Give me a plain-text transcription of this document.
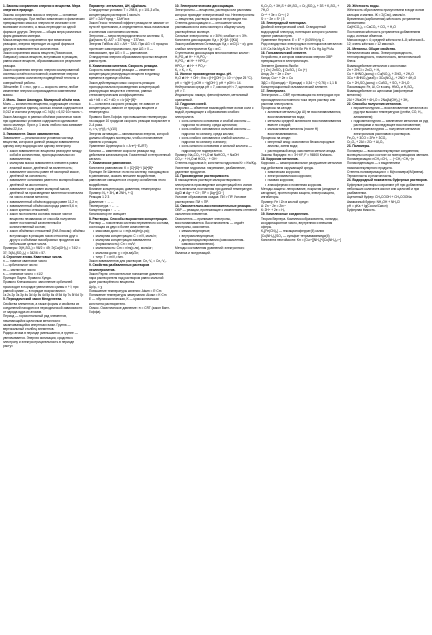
1. Законы сохранения энергии и вещества. Мера энергии в природе.

Законы сохранения массы и энергии — основные законы природы. При любых химических и физических превращениях масса и энергия не исчезают и не возникают из ничего, а лишь переходят из одной формы в другую. Энергия — общая мера различных форм движения материи.

Масса вещества сохраняется при химических реакциях, энергия переходит из одной формы в другую в эквивалентных количествах.

Закон сохранения массы веществ (Ломоносов, Лавуазье): масса веществ, вступивших в реакцию, равна массе веществ, образовавшихся в результате реакции.

Закон сохранения энергии: энергия изолированной системы остаётся постоянной; изменение энергии системы равно количеству подведённой теплоты и совершённой работы.

Эйнштейн: E = mc², где c — скорость света; любое изменение энергии сопровождается изменением массы.

2. Моль. Закон Авогадро. Молярный объём газа.

Моль — количество вещества, содержащее столько же структурных единиц, сколько атомов содержится в 0,012 кг изотопа углерода ¹²C. N(A) = 6,02·10²³ моль⁻¹.

Закон Авогадро: в равных объёмах различных газов при одинаковых условиях содержится одинаковое число молекул. При н.у. 1 моль любого газа занимает объём 22,4 л.

3. Эквивалент. Закон эквивалентов.

Эквивалент — реальная или условная частица вещества, которая в данной реакции эквивалентна одному иону водорода или одному электрону.

• закон эквивалентов: вещества реагируют между собой в количествах, пропорциональных их эквивалентам;
• молярная масса эквивалента элемента равна атомной массе, делённой на валентность;
• эквивалент кислоты равен её молярной массе, делённой на основность;
• эквивалент основания равен его молярной массе, делённой на кислотность;
• эквивалент соли равен молярной массе, делённой на произведение валентности металла на число атомов металла;
• эквивалентный объём водорода равен 11,2 л;
• эквивалентный объём кислорода равен 5,6 л;
• закон кратных отношений;
• закон постоянства состава: всякое чистое вещество независимо от способа получения имеет постоянный качественный и количественный состав;
• закон объёмных отношений (Гей-Люссак): объёмы вступающих в реакцию газов относятся друг к другу и к объёмам газообразных продуктов как небольшие целые числа.

Примеры: Э(H₂SO₄) = 98/2 = 49; Э(Ca(OH)₂) = 74/2 = 37; Э(Al₂(SO₄)₃) = 342/6 = 57.

4. Строение атома. Квантовые числа.

n — главное квантовое число

l — орбитальное число

m — магнитное число

s — спиновое число = ±1/2

Принцип Паули. Правило Хунда.

Правило Клечковского: заполнение орбиталей происходит в порядке увеличения суммы n + l; при равной сумме — в порядке возрастания n.

1s 2s 2p 3s 3p 4s 3d 4p 5s 4d 5p 6s 4f 5d 6p 7s 5f 6d 7p

5. Периодический закон Менделеева.

Свойства элементов, а также формы и свойства их соединений находятся в периодической зависимости от заряда ядра их атомов.

Период — горизонтальный ряд элементов, начинающийся щелочным металлом и заканчивающийся инертным газом. Группа — вертикальный столбец элементов.

Радиус атома в периоде уменьшается, в группе — увеличивается. Энергия ионизации, сродство к электрону и электроотрицательность в периоде растут.

Параметр: энтальпия, ΔH, кДж/моль

Стандартные условия: T = 298 К, p = 101,3 кПа, концентрация растворов 1 моль/л.

ΔH° = ΣΔH°прод − ΣΔH°исх

Закон Гесса: тепловой эффект реакции не зависит от пути её протекания, а определяется лишь начальным и конечным состоянием системы.

Энтропия — мера неупорядоченности системы: S, Дж/(моль·К). ΔS° = ΣS°прод − ΣS°исх.

Энергия Гиббса: ΔG = ΔH − TΔS. При ΔG < 0 процесс протекает самопроизвольно, при ΔG > 0 — невозможен, при ΔG = 0 — равновесие.

Стандартная энергия образования простых веществ равна нулю.

6. Химическая кинетика. Скорость реакции.

Скорость химической реакции — изменение концентрации реагирующих веществ в единицу времени в единице объёма.

Закон действующих масс: скорость реакции пропорциональна произведению концентраций реагирующих веществ в степенях, равных стехиометрическим коэффициентам.

aA + bB = cC + dD; v = k·[A]ᵃ·[B]ᵇ

k — константа скорости реакции; не зависит от концентрации, зависит от природы веществ и температуры.

Правило Вант-Гоффа: при повышении температуры на каждые 10 градусов скорость реакции возрастает в 2–4 раза.

v₂ = v₁·γ^((t₂−t₁)/10)

Энергия активации — минимальная энергия, которой должны обладать молекулы, чтобы столкновение привело к реакции.

Уравнение Аррениуса: k = A·e^(−Eₐ/RT)

Катализ — изменение скорости реакции под действием катализаторов. Гомогенный и гетерогенный катализ.

7. Химическое равновесие.

Константа равновесия: K = [C]ᶜ[D]ᵈ / [A]ᵃ[B]ᵇ

Принцип Ле Шателье: если на систему, находящуюся в равновесии, оказать внешнее воздействие, равновесие смещается в сторону ослабления этого воздействия.

Влияние концентрации, давления, температуры

Пример: N₂ + 3H₂ ⇄ 2NH₃ + Q

Реакция 1 2 3

Давление ↑ → ←

Температура ↑ ← →

Концентрация ↑ → ←

Катализатор не смещает

8. Растворы. Способы выражения концентрации.

Раствор — гомогенная система переменного состава, состоящая из двух и более компонентов.

• массовая доля: ω = m(в-ва)/m(р-ра);
• молярная концентрация: C = n/V, моль/л;
• молярная концентрация эквивалента (нормальность): Cн = nэ/V;
• моляльность: Cm = n/m(р-ля), моль/кг;
• мольная доля: χ = n(в-ва)/Σn;
• титр: T = m/V, г/мл.

Закон эквивалентов для растворов: Cн₁·V₁ = Cн₂·V₂.

9. Свойства разбавленных растворов неэлектролитов.

Закон Рауля: относительное понижение давления пара растворителя над раствором равно мольной доле растворённого вещества.

Δp/p₀ = χ

Повышение температуры кипения: Δtкип = E·Cm

Понижение температуры замерзания: Δtзам = K·Cm

E — эбулиоскопическая, K — криоскопическая константа растворителя.

Осмос. Осмотическое давление: π = CRT (закон Вант-Гоффа).

10. Электролитическая диссоциация.

Электролиты — вещества, растворы или расплавы которых проводят электрический ток. Неэлектролиты — вещества, растворы которых не проводят ток.

Степень диссоциации α — отношение числа распавшихся на ионы молекул к общему числу растворённых молекул.

Сильные электролиты: α > 30%; слабые: α < 3%.

Константа диссоциации: Kд = [K⁺][A⁻]/[KA]

Закон разбавления Оствальда: Kд = α²C/(1 − α); для слабых электролитов Kд ≈ α²C.

Ступенчатая диссоциация многоосновных кислот:

H₃PO₄ ⇄ H⁺ + H₂PO₄⁻

H₂PO₄⁻ ⇄ H⁺ + HPO₄²⁻

HPO₄²⁻ ⇄ H⁺ + PO₄³⁻

K₁ > K₂ > K₃

11. Ионное произведение воды. pH.

H₂O ⇄ H⁺ + OH⁻; Kw = [H⁺][OH⁻] = 10⁻¹⁴ (при 25 °C).

pH = −lg[H⁺]; pOH = −lg[OH⁻]; pH + pOH = 14.

Нейтральная среда pH = 7, кислая pH < 7, щелочная pH > 7.

Индикаторы: лакмус, фенолфталеин, метиловый оранжевый.

12. Гидролиз солей.

Гидролиз — обменное взаимодействие ионов соли с водой, приводящее к образованию слабого электролита.

• соль сильного основания и слабой кислоты — гидролиз по аниону, среда щелочная;
• соль слабого основания и сильной кислоты — гидролиз по катиону, среда кислая;
• соль слабого основания и слабой кислоты — гидролиз по катиону и аниону;
• соль сильного основания и сильной кислоты — гидролизу не подвергается.

Пример: Na₂CO₃ + H₂O ⇄ NaHCO₃ + NaOH

CO₃²⁻ + H₂O ⇄ HCO₃⁻ + OH⁻

Степень гидролиза h; константа гидролиза Kг = Kw/Kд.

Усиление гидролиза: нагревание, разбавление, удаление продуктов.

13. Произведение растворимости.

В насыщенном растворе малорастворимого электролита произведение концентраций его ионов есть величина постоянная при данной температуре.

AgCl ⇄ Ag⁺ + Cl⁻; ПР = [Ag⁺][Cl⁻]

Условие образования осадка: ПИ > ПР. Условие растворения: ПИ < ПР.

14. Окислительно-восстановительные реакции.

ОВР — реакции, протекающие с изменением степеней окисления элементов.

Окислитель — принимает электроны, восстанавливается. Восстановитель — отдаёт электроны, окисляется.

• межмолекулярные;
• внутримолекулярные;
• диспропорционирования (самоокисления-самовосстановления).

Методы составления уравнений: электронного баланса и полуреакций.

K₂Cr₂O₇ + 3H₂S + 4H₂SO₄ = Cr₂(SO₄)₃ + 3S + K₂SO₄ + 7H₂O

Cr⁺⁶ + 3e = Cr⁺³ | 2

S⁻² − 2e = S⁰ | 3

15. Электродный потенциал.

Двойной электрический слой. Стандартный водородный электрод, потенциал которого условно принят равным нулю.

Уравнение Нернста: E = E° + (0,059/n)·lg C

Ряд стандартных электродных потенциалов металлов:

Li K Ca Na Mg Al Zn Fe Ni Sn Pb H Cu Hg Ag Pt Au

16. Гальванический элемент.

Устройство, в котором химическая энергия ОВР превращается в электрическую.

Элемент Даниэля-Якоби:

(−) Zn | ZnSO₄ || CuSO₄ | Cu (+)

Анод: Zn − 2e = Zn²⁺

Катод: Cu²⁺ + 2e = Cu

ЭДС = E(катода) − E(анода) = 0,34 − (−0,76) = 1,1 В

Концентрационный гальванический элемент.

17. Электролиз.

Электролиз — ОВР, протекающая на электродах при прохождении постоянного тока через раствор или расплав электролита.

Процессы на катоде:

• активные металлы (до Al) не восстанавливаются, восстанавливается вода;
• металлы средней активности восстанавливаются вместе с водой;
• малоактивные металлы (после H) восстанавливаются.

Процессы на аноде:

• инертный анод: окисляются бескислородные анионы, затем вода;
• растворимый анод: окисляется металл анода.

Законы Фарадея: m = Э·I·t/F, F = 96500 Кл/моль.

18. Коррозия металлов.

Коррозия — самопроизвольное разрушение металлов под действием окружающей среды.

• химическая коррозия;
• электрохимическая коррозия;
• газовая коррозия;
• атмосферная и почвенная коррозия.

Методы защиты: легирование, покрытия (анодные и катодные), протекторная защита, электрозащита, ингибиторы.

Пример: Fe / Zn в кислой среде:

А: Zn − 2e = Zn²⁺

К: 2H⁺ + 2e = H₂

19. Комплексные соединения.

Теория Вернера. Комплексообразователь, лиганды, координационное число, внутренняя и внешняя сферы.

K₄[Fe(CN)₆] — гексацианоферрат(II) калия

[Cu(NH₃)₄]SO₄ — сульфат тетраамминмеди(II)

Константа нестойкости: Kн = [Cu²⁺][NH₃]⁴/[Cu(NH₃)₄²⁺]

20. Жёсткость воды.

Жёсткость обусловлена присутствием в воде ионов кальция и магния. Ж = Σ(Cэк), ммоль/л.

Временная (карбонатная) жёсткость устраняется кипячением:

Ca(HCO₃)₂ = CaCO₃ + CO₂ + H₂O

Постоянная жёсткость устраняется добавлением соды, ионным обменом.

Мягкая вода < 4; средней жёсткости 4–8; жёсткая 8–12; очень жёсткая > 12 ммоль/л.

21. Металлы. Общие свойства.

Металлическая связь. Электропроводность, теплопроводность, пластичность, металлический блеск.

Взаимодействие металлов с кислотами:

Zn + 2HCl = ZnCl₂ + H₂

Cu + 4HNO₃(конц) = Cu(NO₃)₂ + 2NO₂ + 2H₂O

3Cu + 8HNO₃(разб) = 3Cu(NO₃)₂ + 2NO + 4H₂O

Cu + 2H₂SO₄(конц) = CuSO₄ + SO₂ + 2H₂O

Пассивация: Fe, Al, Cr в конц. HNO₃ и H₂SO₄.

Взаимодействие со щелочами (амфотерные металлы):

2Al + 2NaOH + 6H₂O = 2Na[Al(OH)₄] + 3H₂

22. Способы получения металлов.

• пирометаллургия — восстановление металлов из руд при высоких температурах (углём, CO, H₂, алюминием);
• гидрометаллургия — извлечение металлов из руд растворами и последующее восстановление;
• электрометаллургия — получение металлов электролизом расплавов и растворов.

Fe₂O₃ + 3CO = 2Fe + 3CO₂

Cr₂O₃ + 2Al = 2Cr + Al₂O₃

23. Полимеры.

Полимеры — высокомолекулярные соединения, молекулы которых состоят из повторяющихся звеньев.

Полимеризация: nCH₂=CH₂ → (−CH₂−CH₂−)n

Поликонденсация — с выделением низкомолекулярного продукта.

Степень полимеризации n = M(полимера)/M(звена).

Термопласты и реактопласты.

24. Водородный показатель буферных растворов.

Буферные растворы сохраняют pH при добавлении небольших количеств кислот или щелочей и при разбавлении.

Ацетатный буфер: CH₃COOH + CH₃COONa

Аммиачный буфер: NH₄OH + NH₄Cl

pH = pKa + lg(Cсоли/Cкисл)

Буферная ёмкость.
